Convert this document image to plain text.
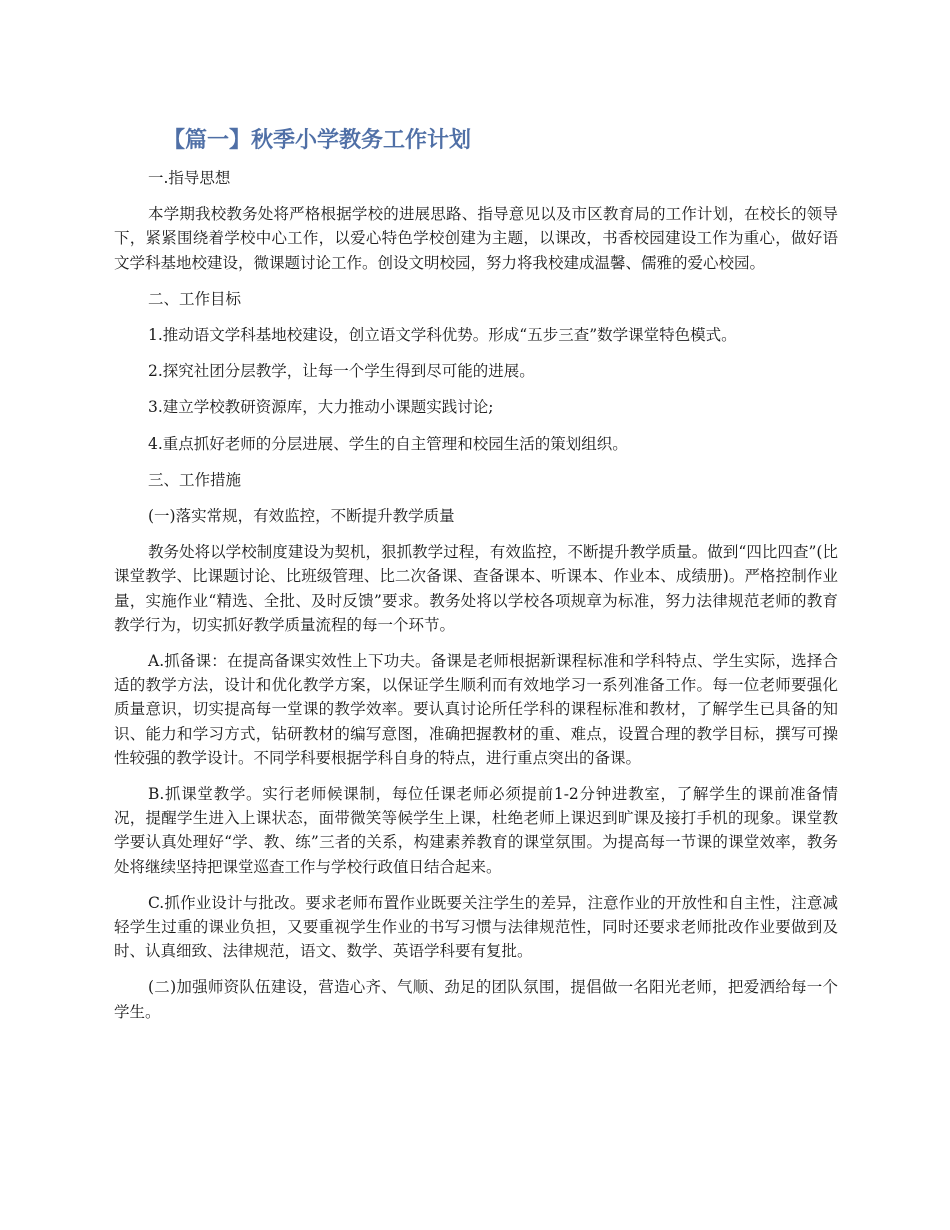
【篇一】秋季小学教务工作计划

一.指导思想

本学期我校教务处将严格根据学校的进展思路、指导意见以及市区教育局的工作计划，在校长的领导下，紧紧围绕着学校中心工作，以爱心特色学校创建为主题，以课改，书香校园建设工作为重心，做好语文学科基地校建设，微课题讨论工作。创设文明校园，努力将我校建成温馨、儒雅的爱心校园。

二、工作目标

1.推动语文学科基地校建设，创立语文学科优势。形成“五步三查”数学课堂特色模式。

2.探究社团分层教学，让每一个学生得到尽可能的进展。

3.建立学校教研资源库，大力推动小课题实践讨论;

4.重点抓好老师的分层进展、学生的自主管理和校园生活的策划组织。

三、工作措施

(一)落实常规，有效监控，不断提升教学质量

教务处将以学校制度建设为契机，狠抓教学过程，有效监控，不断提升教学质量。做到“四比四查”(比课堂教学、比课题讨论、比班级管理、比二次备课、查备课本、听课本、作业本、成绩册)。严格控制作业量，实施作业“精选、全批、及时反馈”要求。教务处将以学校各项规章为标准，努力法律规范老师的教育教学行为，切实抓好教学质量流程的每一个环节。

A.抓备课：在提高备课实效性上下功夫。备课是老师根据新课程标准和学科特点、学生实际，选择合适的教学方法，设计和优化教学方案，以保证学生顺利而有效地学习一系列准备工作。每一位老师要强化质量意识，切实提高每一堂课的教学效率。要认真讨论所任学科的课程标准和教材，了解学生已具备的知识、能力和学习方式，钻研教材的编写意图，准确把握教材的重、难点，设置合理的教学目标，撰写可操性较强的教学设计。不同学科要根据学科自身的特点，进行重点突出的备课。

B.抓课堂教学。实行老师候课制，每位任课老师必须提前1-2分钟进教室，了解学生的课前准备情况，提醒学生进入上课状态，面带微笑等候学生上课，杜绝老师上课迟到旷课及接打手机的现象。课堂教学要认真处理好“学、教、练”三者的关系，构建素养教育的课堂氛围。为提高每一节课的课堂效率，教务处将继续坚持把课堂巡查工作与学校行政值日结合起来。

C.抓作业设计与批改。要求老师布置作业既要关注学生的差异，注意作业的开放性和自主性，注意减轻学生过重的课业负担，又要重视学生作业的书写习惯与法律规范性，同时还要求老师批改作业要做到及时、认真细致、法律规范，语文、数学、英语学科要有复批。

(二)加强师资队伍建设，营造心齐、气顺、劲足的团队氛围，提倡做一名阳光老师，把爱洒给每一个学生。
